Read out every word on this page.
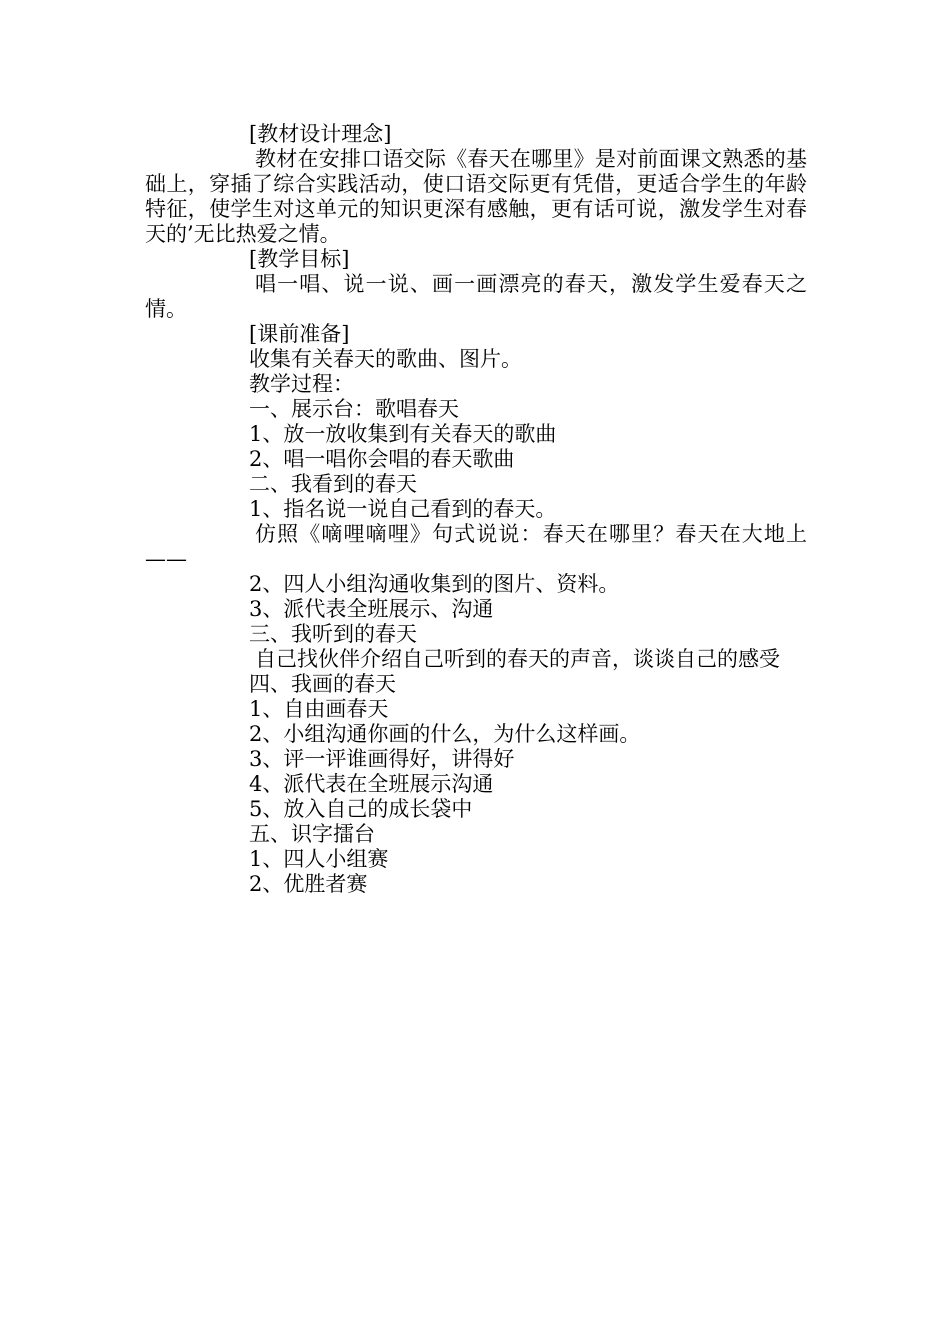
[教材设计理念]
教材在安排口语交际《春天在哪里》是对前面课文熟悉的基础上，穿插了综合实践活动，使口语交际更有凭借，更适合学生的年龄特征，使学生对这单元的知识更深有感触，更有话可说，激发学生对春天的’无比热爱之情。
[教学目标]
唱一唱、说一说、画一画漂亮的春天，激发学生爱春天之情。
[课前准备]
收集有关春天的歌曲、图片。
教学过程：
一、展示台：歌唱春天
1、放一放收集到有关春天的歌曲
2、唱一唱你会唱的春天歌曲
二、我看到的春天
1、指名说一说自己看到的春天。
仿照《嘀哩嘀哩》句式说说：春天在哪里？春天在大地上——
2、四人小组沟通收集到的图片、资料。
3、派代表全班展示、沟通
三、我听到的春天
自己找伙伴介绍自己听到的春天的声音，谈谈自己的感受
四、我画的春天
1、自由画春天
2、小组沟通你画的什么，为什么这样画。
3、评一评谁画得好，讲得好
4、派代表在全班展示沟通
5、放入自己的成长袋中
五、识字擂台
1、四人小组赛
2、优胜者赛
